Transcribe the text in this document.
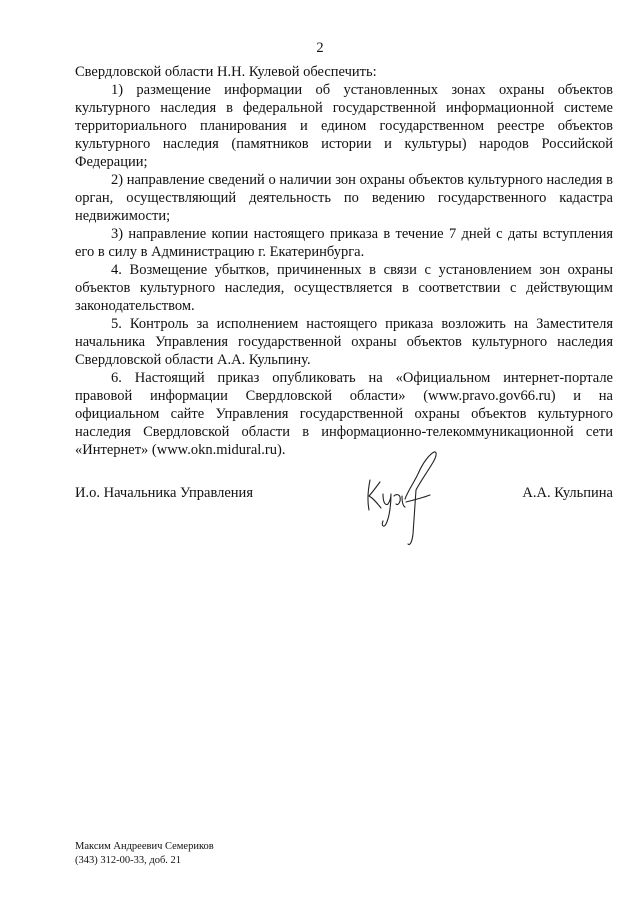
2

Свердловской области Н.Н. Кулевой обеспечить:

1) размещение информации об установленных зонах охраны объектов культурного наследия в федеральной государственной информационной системе территориального планирования и едином государственном реестре объектов культурного наследия (памятников истории и культуры) народов Российской Федерации;

2) направление сведений о наличии зон охраны объектов культурного наследия в орган, осуществляющий деятельность по ведению государственного кадастра недвижимости;

3) направление копии настоящего приказа в течение 7 дней с даты вступления его в силу в Администрацию г. Екатеринбурга.

4. Возмещение убытков, причиненных в связи с установлением зон охраны объектов культурного наследия, осуществляется в соответствии с действующим законодательством.

5. Контроль за исполнением настоящего приказа возложить на Заместителя начальника Управления государственной охраны объектов культурного наследия Свердловской области А.А. Кульпину.

6. Настоящий приказ опубликовать на «Официальном интернет-портале правовой информации Свердловской области» (www.pravo.gov66.ru) и на официальном сайте Управления государственной охраны объектов культурного наследия Свердловской области в информационно-телекоммуникационной сети «Интернет» (www.okn.midural.ru).

И.о. Начальника Управления	А.А. Кульпина
Максим Андреевич Семериков
(343) 312-00-33, доб. 21
